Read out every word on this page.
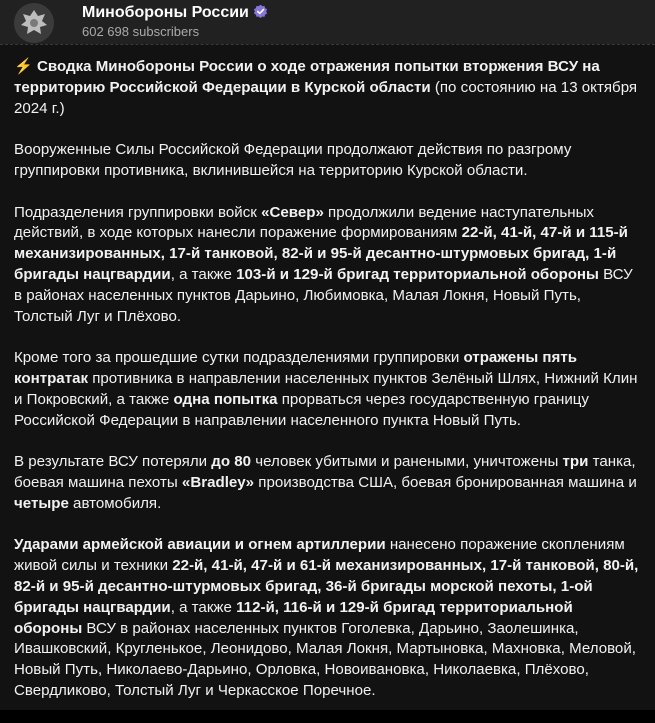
Минобороны России
602 698 subscribers

⚡ Сводка Минобороны России о ходе отражения попытки вторжения ВСУ на территорию Российской Федерации в Курской области (по состоянию на 13 октября 2024 г.)

Вооруженные Силы Российской Федерации продолжают действия по разгрому группировки противника, вклинившейся на территорию Курской области.

Подразделения группировки войск «Север» продолжили ведение наступательных действий, в ходе которых нанесли поражение формированиям 22-й, 41-й, 47-й и 115-й механизированных, 17-й танковой, 82-й и 95-й десантно-штурмовых бригад, 1-й бригады нацгвардии, а также 103-й и 129-й бригад территориальной обороны ВСУ в районах населенных пунктов Дарьино, Любимовка, Малая Локня, Новый Путь, Толстый Луг и Плёхово.

Кроме того за прошедшие сутки подразделениями группировки отражены пять контратак противника в направлении населенных пунктов Зелёный Шлях, Нижний Клин и Покровский, а также одна попытка прорваться через государственную границу Российской Федерации в направлении населенного пункта Новый Путь.

В результате ВСУ потеряли до 80 человек убитыми и ранеными, уничтожены три танка, боевая машина пехоты «Bradley» производства США, боевая бронированная машина и четыре автомобиля.

Ударами армейской авиации и огнем артиллерии нанесено поражение скоплениям живой силы и техники 22-й, 41-й, 47-й и 61-й механизированных, 17-й танковой, 80-й, 82-й и 95-й десантно-штурмовых бригад, 36-й бригады морской пехоты, 1-ой бригады нацгвардии, а также 112-й, 116-й и 129-й бригад территориальной обороны ВСУ в районах населенных пунктов Гоголевка, Дарьино, Заолешинка, Ивашковский, Кругленькое, Леонидово, Малая Локня, Мартыновка, Махновка, Меловой, Новый Путь, Николаево-Дарьино, Орловка, Новоивановка, Николаевка, Плёхово, Свердликово, Толстый Луг и Черкасское Поречное.
